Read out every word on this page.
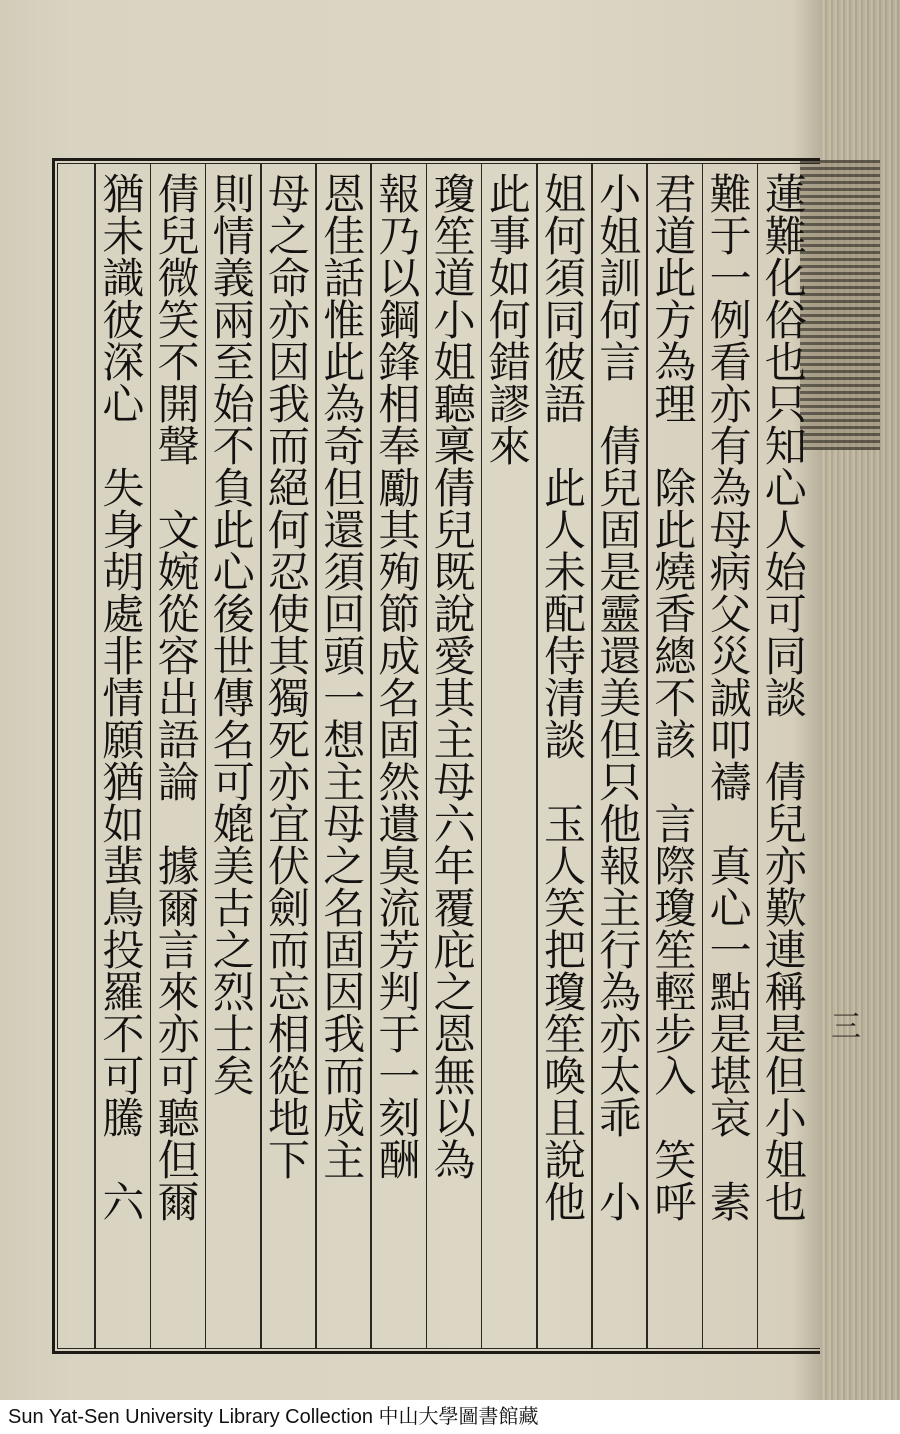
蓮難化俗也只知心人始可同談　倩兒亦歎連稱是但小姐也
難于一例看亦有為母病父災誠叩禱　真心一點是堪哀　素
君道此方為理　除此燒香總不該　言際瓊笙輕步入　笑呼
小姐訓何言　倩兒固是靈還美但只他報主行為亦太乖　小
姐何須同彼語　此人未配侍清談　玉人笑把瓊笙喚且說他
此事如何錯謬來
瓊笙道小姐聽稟倩兒既說愛其主母六年覆庇之恩無以為
報乃以鋼鋒相奉勵其殉節成名固然遺臭流芳判于一刻酬
恩佳話惟此為奇但還須回頭一想主母之名固因我而成主
母之命亦因我而絕何忍使其獨死亦宜伏劍而忘相從地下
則情義兩至始不負此心後世傳名可媲美古之烈士矣
倩兒微笑不開聲　文婉從容出語論　據爾言來亦可聽但爾
猶未識彼深心　失身胡處非情願猶如蜚鳥投羅不可騰　六	三
Sun Yat-Sen University Library Collection 中山大學圖書館藏
